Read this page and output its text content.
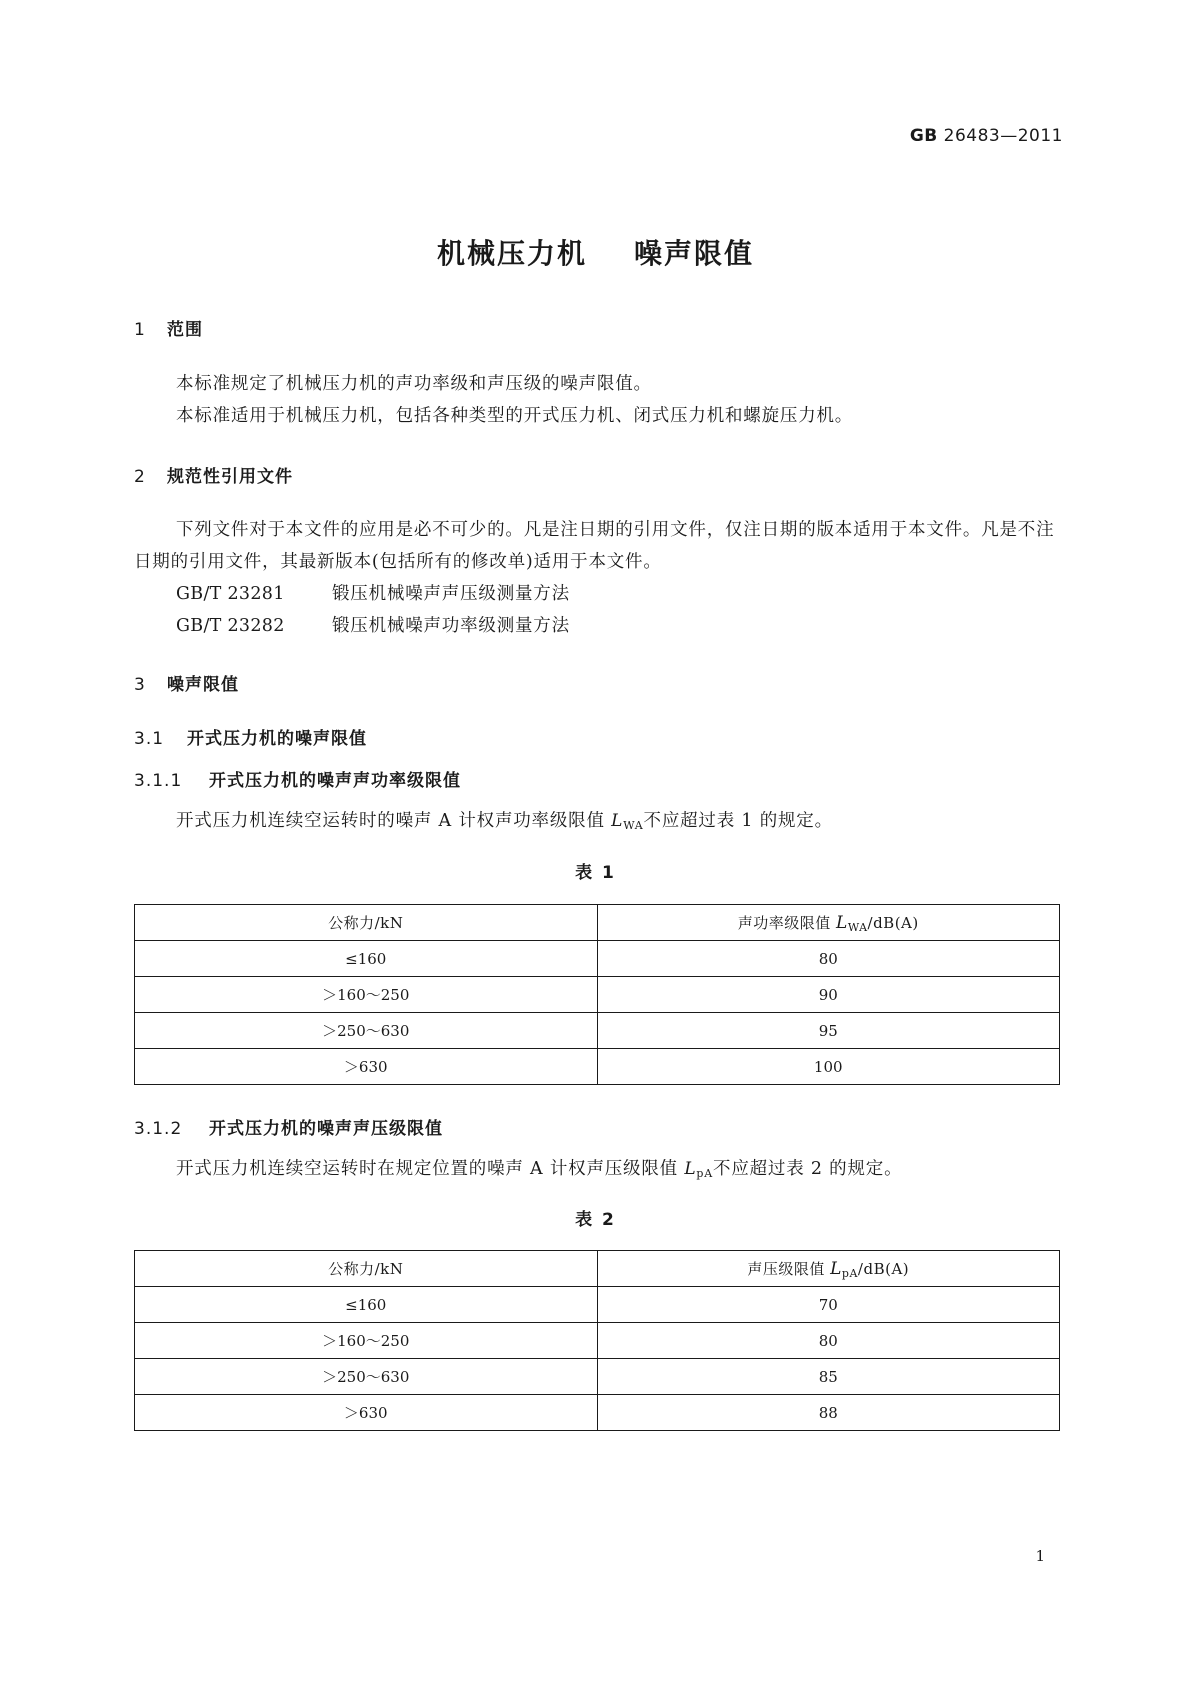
GB 26483—2011
机械压力机    噪声限值
1 范围

本标准规定了机械压力机的声功率级和声压级的噪声限值。

本标准适用于机械压力机，包括各种类型的开式压力机、闭式压力机和螺旋压力机。

2 规范性引用文件

下列文件对于本文件的应用是必不可少的。凡是注日期的引用文件，仅注日期的版本适用于本文件。凡是不注日期的引用文件，其最新版本(包括所有的修改单)适用于本文件。

GB/T 23281	锻压机械噪声声压级测量方法

GB/T 23282	锻压机械噪声功率级测量方法

3 噪声限值
3.1 开式压力机的噪声限值
3.1.1 开式压力机的噪声声功率级限值

开式压力机连续空运转时的噪声 A 计权声功率级限值 $L_{WA}$不应超过表 1 的规定。

表 1
公称力/kN	声功率级限值 $L_{WA}/dB(A)$
≤160	80
＞160～250	90
＞250～630	95
＞630	100
3.1.2 开式压力机的噪声声压级限值

开式压力机连续空运转时在规定位置的噪声 A 计权声压级限值 $L_{pA}$不应超过表 2 的规定。

表 2
公称力/kN	声压级限值 $L_{pA}/dB(A)$
≤160	70
＞160～250	80
＞250～630	85
＞630	88
1
